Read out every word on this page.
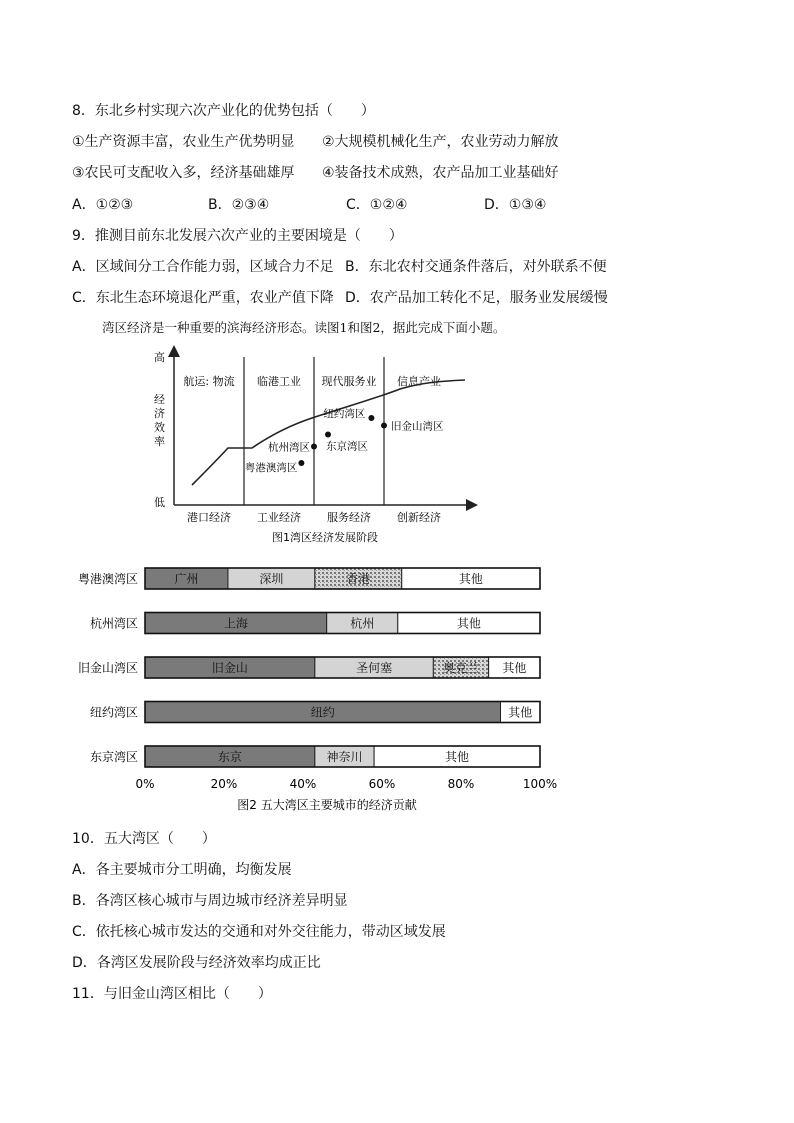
8．东北乡村实现六次产业化的优势包括（　　）
①生产资源丰富，农业生产优势明显 ②大规模机械化生产，农业劳动力解放
③农民可支配收入多，经济基础雄厚 ④装备技术成熟，农产品加工业基础好
A．①②③	B．②③④	C．①②④	D．①③④
9．推测目前东北发展六次产业的主要困境是（　　）
A．区域间分工合作能力弱，区域合力不足 B．东北农村交通条件落后，对外联系不便
C．东北生态环境退化严重，农业产值下降 D．农产品加工转化不足，服务业发展缓慢
湾区经济是一种重要的滨海经济形态。读图1和图2，据此完成下面小题。
高
低
经济效率
航运: 物流 临港工业 现代服务业 信息产业
港口经济 工业经济 服务经济 创新经济
粤港澳湾区
杭州湾区 东京湾区
纽约湾区
旧金山湾区
图1湾区经济发展阶段
粤港澳湾区	广州	深圳	香港	其他
杭州湾区	上海	杭州	其他
旧金山湾区	旧金山	圣何塞	奥克兰 其他
纽约湾区	纽约	其他
东京湾区	东京	神奈川	其他
0%	20%	40%	60%	80%	100%
图2 五大湾区主要城市的经济贡献
10．五大湾区（　　）
A．各主要城市分工明确，均衡发展
B．各湾区核心城市与周边城市经济差异明显
C．依托核心城市发达的交通和对外交往能力，带动区域发展
D．各湾区发展阶段与经济效率均成正比
11．与旧金山湾区相比（　　）
